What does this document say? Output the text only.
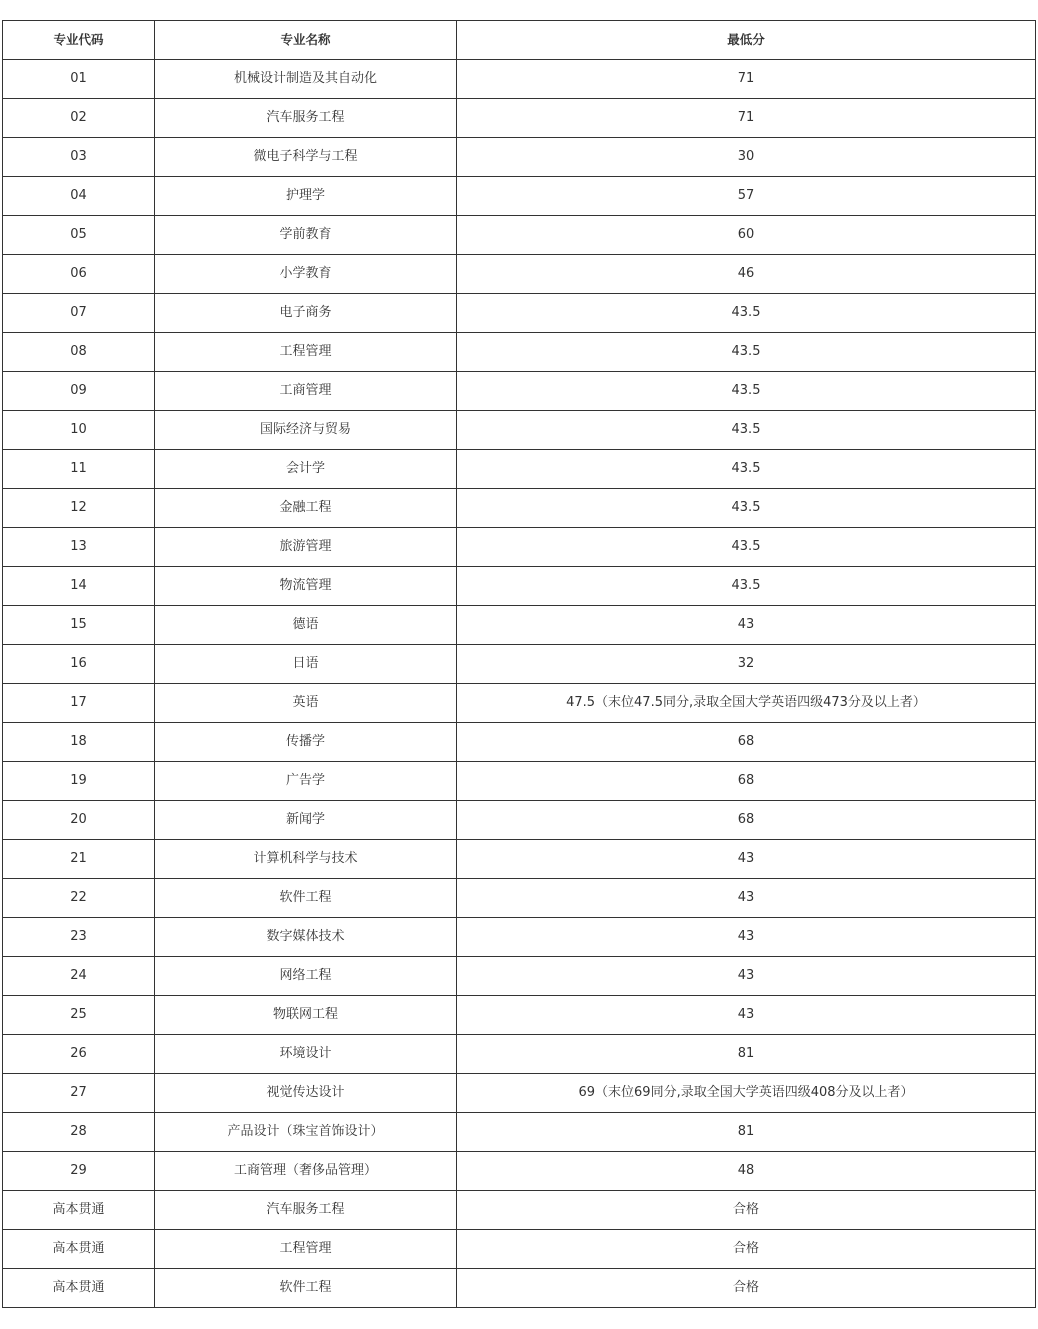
专业代码	专业名称	最低分
01	机械设计制造及其自动化	71
02	汽车服务工程	71
03	微电子科学与工程	30
04	护理学	57
05	学前教育	60
06	小学教育	46
07	电子商务	43.5
08	工程管理	43.5
09	工商管理	43.5
10	国际经济与贸易	43.5
11	会计学	43.5
12	金融工程	43.5
13	旅游管理	43.5
14	物流管理	43.5
15	德语	43
16	日语	32
17	英语	47.5（末位47.5同分,录取全国大学英语四级473分及以上者）
18	传播学	68
19	广告学	68
20	新闻学	68
21	计算机科学与技术	43
22	软件工程	43
23	数字媒体技术	43
24	网络工程	43
25	物联网工程	43
26	环境设计	81
27	视觉传达设计	69（末位69同分,录取全国大学英语四级408分及以上者）
28	产品设计（珠宝首饰设计）	81
29	工商管理（奢侈品管理）	48
高本贯通	汽车服务工程	合格
高本贯通	工程管理	合格
高本贯通	软件工程	合格
